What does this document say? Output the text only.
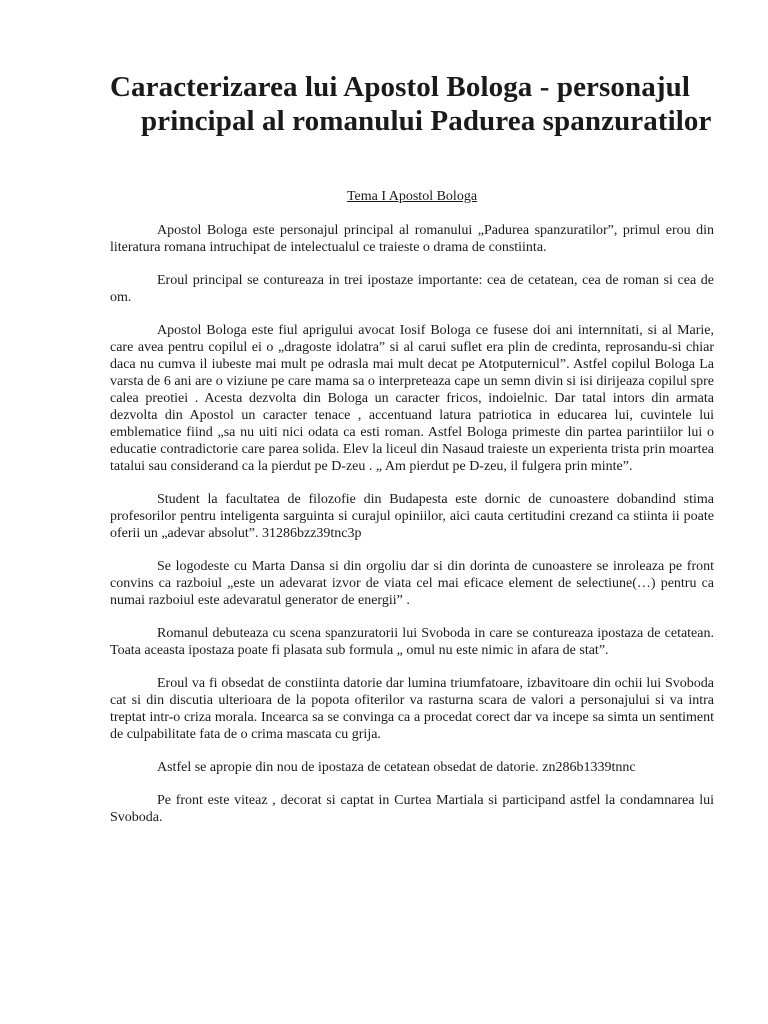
Caracterizarea lui Apostol Bologa - personajul principal al romanului Padurea spanzuratilor
Tema I Apostol Bologa

Apostol Bologa este personajul principal al romanului „Padurea spanzuratilor”, primul erou din literatura romana intruchipat de intelectualul ce traieste o drama de constiinta.

Eroul principal se contureaza in trei ipostaze importante: cea de cetatean, cea de roman si cea de om.

Apostol Bologa este fiul aprigului avocat Iosif Bologa ce fusese doi ani internnitati, si al Marie, care avea pentru copilul ei o „dragoste idolatra” si al carui suflet era plin de credinta, reprosandu-si chiar daca nu cumva il iubeste mai mult pe odrasla mai mult decat pe Atotputernicul”. Astfel copilul Bologa La varsta de 6 ani are o viziune pe care mama sa o interpreteaza cape un semn divin si isi dirijeaza copilul spre calea preotiei . Acesta dezvolta din Bologa un caracter fricos, indoielnic. Dar tatal intors din armata dezvolta din Apostol un caracter tenace , accentuand latura patriotica in educarea lui, cuvintele lui emblematice fiind „sa nu uiti nici odata ca esti roman. Astfel Bologa primeste din partea parintiilor lui o educatie contradictorie care parea solida. Elev la liceul din Nasaud traieste un experienta trista prin moartea tatalui sau considerand ca la pierdut pe D-zeu . „ Am pierdut pe D-zeu, il fulgera prin minte”.

Student la facultatea de filozofie din Budapesta este dornic de cunoastere dobandind stima profesorilor pentru inteligenta sarguinta si curajul opiniilor, aici cauta certitudini crezand ca stiinta ii poate oferii un „adevar absolut”. 31286bzz39tnc3p

Se logodeste cu Marta Dansa si din orgoliu dar si din dorinta de cunoastere se inroleaza pe front convins ca razboiul „este un adevarat izvor de viata cel mai eficace element de selectiune(…) pentru ca numai razboiul este adevaratul generator de energii” .

Romanul debuteaza cu scena spanzuratorii lui Svoboda in care se contureaza ipostaza de cetatean. Toata aceasta ipostaza poate fi plasata sub formula „ omul nu este nimic in afara de stat”.

Eroul va fi obsedat de constiinta datorie dar lumina triumfatoare, izbavitoare din ochii lui Svoboda cat si din discutia ulterioara de la popota ofiterilor va rasturna scara de valori a personajului si va intra treptat intr-o criza morala. Incearca sa se convinga ca a procedat corect dar va incepe sa simta un sentiment de culpabilitate fata de o crima mascata cu grija.

Astfel se apropie din nou de ipostaza de cetatean obsedat de datorie. zn286b1339tnnc

Pe front este viteaz , decorat si captat in Curtea Martiala si participand astfel la condamnarea lui Svoboda.
